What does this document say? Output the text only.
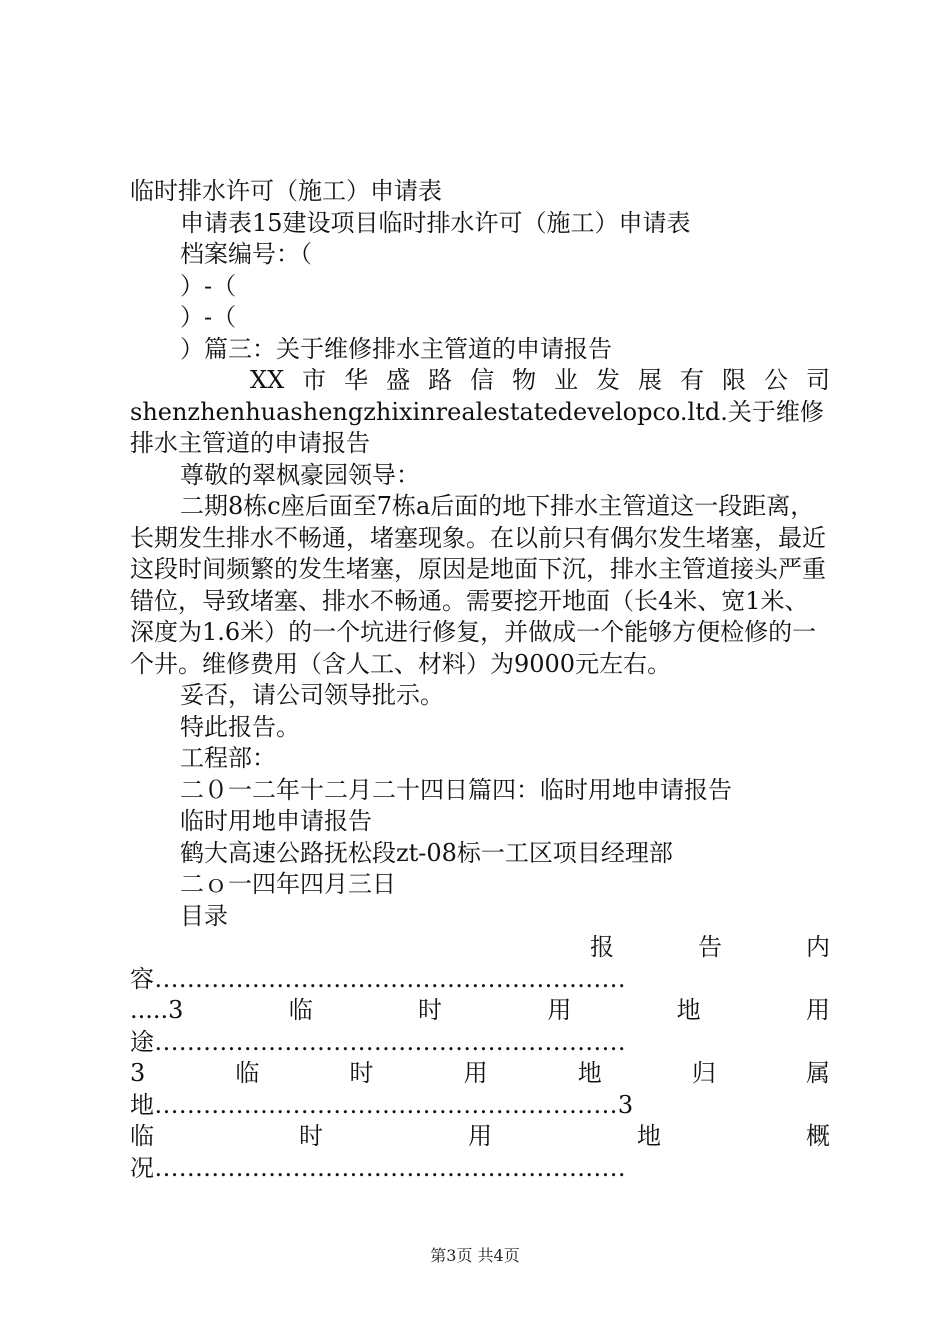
临时排水许可（施工）申请表
申请表15建设项目临时排水许可（施工）申请表
档案编号：（
）-（
）-（
）篇三：关于维修排水主管道的申请报告
XX 市 华 盛 路 信 物 业 发 展 有 限 公 司
shenzhenhuashengzhixinrealestatedevelopco.ltd.关于维修
排水主管道的申请报告
尊敬的翠枫豪园领导：
二期8栋c座后面至7栋a后面的地下排水主管道这一段距离，长期发生排水不畅通，堵塞现象。在以前只有偶尔发生堵塞，最近这段时间频繁的发生堵塞，原因是地面下沉，排水主管道接头严重错位，导致堵塞、排水不畅通。需要挖开地面（长4米、宽1米、深度为1.6米）的一个坑进行修复，并做成一个能够方便检修的一个井。维修费用（含人工、材料）为9000元左右。
妥否，请公司领导批示。
特此报告。
工程部：
二０一二年十二月二十四日篇四：临时用地申请报告
临时用地申请报告
鹤大高速公路抚松段zt-08标一工区项目经理部
二ｏ一四年四月三日
目录
报	告	内
容..........................................................
.....3	临	时	用	地	用
途..........................................................
3	临	时	用	地	归	属
地.........................................................3
临	时	用	地	概
况..........................................................
第3页 共4页
